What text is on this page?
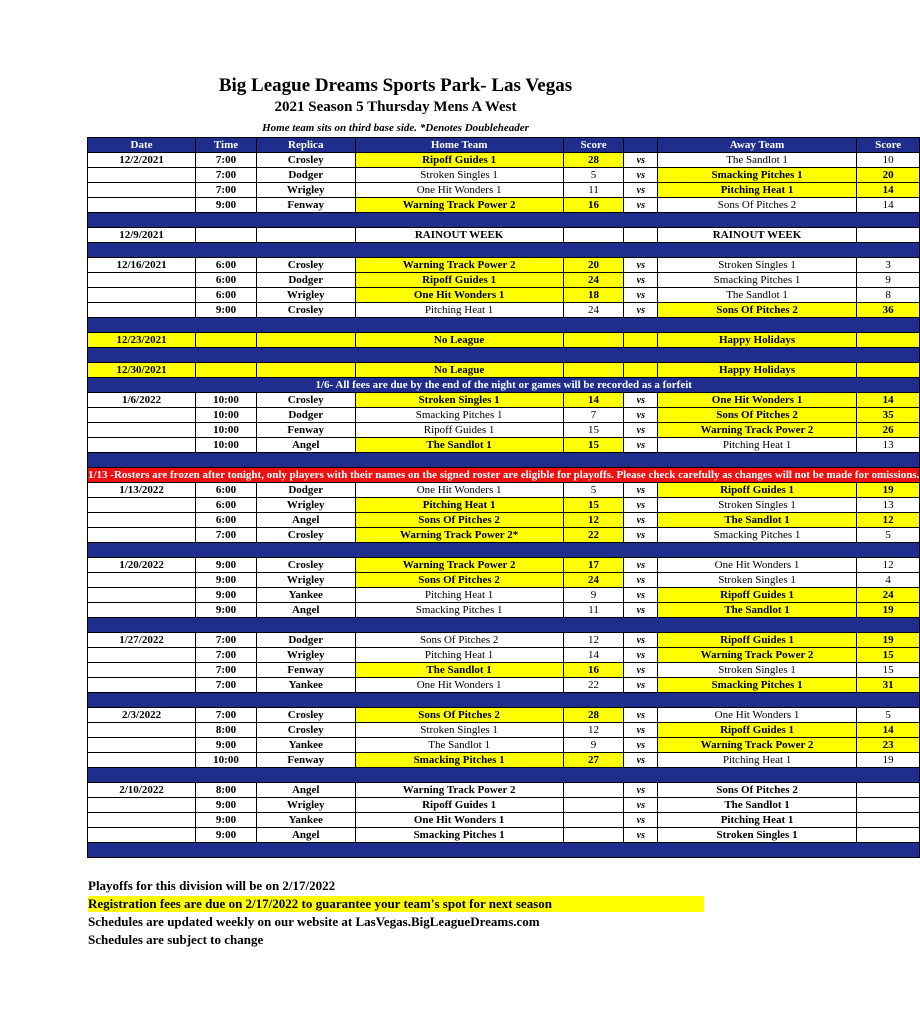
Big League Dreams Sports Park- Las Vegas
2021 Season 5 Thursday Mens A West
Home team sits on third base side. *Denotes Doubleheader
Date	Time	Replica	Home Team	Score		Away Team	Score
12/2/2021	7:00	Crosley	Ripoff Guides 1	28	vs	The Sandlot 1	10
	7:00	Dodger	Stroken Singles 1	5	vs	Smacking Pitches 1	20
	7:00	Wrigley	One Hit Wonders 1	11	vs	Pitching Heat 1	14
	9:00	Fenway	Warning Track Power 2	16	vs	Sons Of Pitches 2	14

12/9/2021			RAINOUT WEEK			RAINOUT WEEK	

12/16/2021	6:00	Crosley	Warning Track Power 2	20	vs	Stroken Singles 1	3
	6:00	Dodger	Ripoff Guides 1	24	vs	Smacking Pitches 1	9
	6:00	Wrigley	One Hit Wonders 1	18	vs	The Sandlot 1	8
	9:00	Crosley	Pitching Heat 1	24	vs	Sons Of Pitches 2	36

12/23/2021			No League			Happy Holidays	

12/30/2021			No League			Happy Holidays	
1/6- All fees are due by the end of the night or games will be recorded as a forfeit							
1/6/2022	10:00	Crosley	Stroken Singles 1	14	vs	One Hit Wonders 1	14
	10:00	Dodger	Smacking Pitches 1	7	vs	Sons Of Pitches 2	35
	10:00	Fenway	Ripoff Guides 1	15	vs	Warning Track Power 2	26
	10:00	Angel	The Sandlot 1	15	vs	Pitching Heat 1	13

1/13 -Rosters are frozen after tonight, only players with their names on the signed roster are eligible for playoffs. Please check carefully as changes will not be made for omissions.							
1/13/2022	6:00	Dodger	One Hit Wonders 1	5	vs	Ripoff Guides 1	19
	6:00	Wrigley	Pitching Heat 1	15	vs	Stroken Singles 1	13
	6:00	Angel	Sons Of Pitches 2	12	vs	The Sandlot 1	12
	7:00	Crosley	Warning Track Power 2*	22	vs	Smacking Pitches 1	5

1/20/2022	9:00	Crosley	Warning Track Power 2	17	vs	One Hit Wonders 1	12
	9:00	Wrigley	Sons Of Pitches 2	24	vs	Stroken Singles 1	4
	9:00	Yankee	Pitching Heat 1	9	vs	Ripoff Guides 1	24
	9:00	Angel	Smacking Pitches 1	11	vs	The Sandlot 1	19

1/27/2022	7:00	Dodger	Sons Of Pitches 2	12	vs	Ripoff Guides 1	19
	7:00	Wrigley	Pitching Heat 1	14	vs	Warning Track Power 2	15
	7:00	Fenway	The Sandlot 1	16	vs	Stroken Singles 1	15
	7:00	Yankee	One Hit Wonders 1	22	vs	Smacking Pitches 1	31

2/3/2022	7:00	Crosley	Sons Of Pitches 2	28	vs	One Hit Wonders 1	5
	8:00	Crosley	Stroken Singles 1	12	vs	Ripoff Guides 1	14
	9:00	Yankee	The Sandlot 1	9	vs	Warning Track Power 2	23
	10:00	Fenway	Smacking Pitches 1	27	vs	Pitching Heat 1	19

2/10/2022	8:00	Angel	Warning Track Power 2		vs	Sons Of Pitches 2	
	9:00	Wrigley	Ripoff Guides 1		vs	The Sandlot 1	
	9:00	Yankee	One Hit Wonders 1		vs	Pitching Heat 1	
	9:00	Angel	Smacking Pitches 1		vs	Stroken Singles 1	

Playoffs for this division will be on 2/17/2022
Registration fees are due on 2/17/2022 to guarantee your team's spot for next season
Schedules are updated weekly on our website at LasVegas.BigLeagueDreams.com
Schedules are subject to change
